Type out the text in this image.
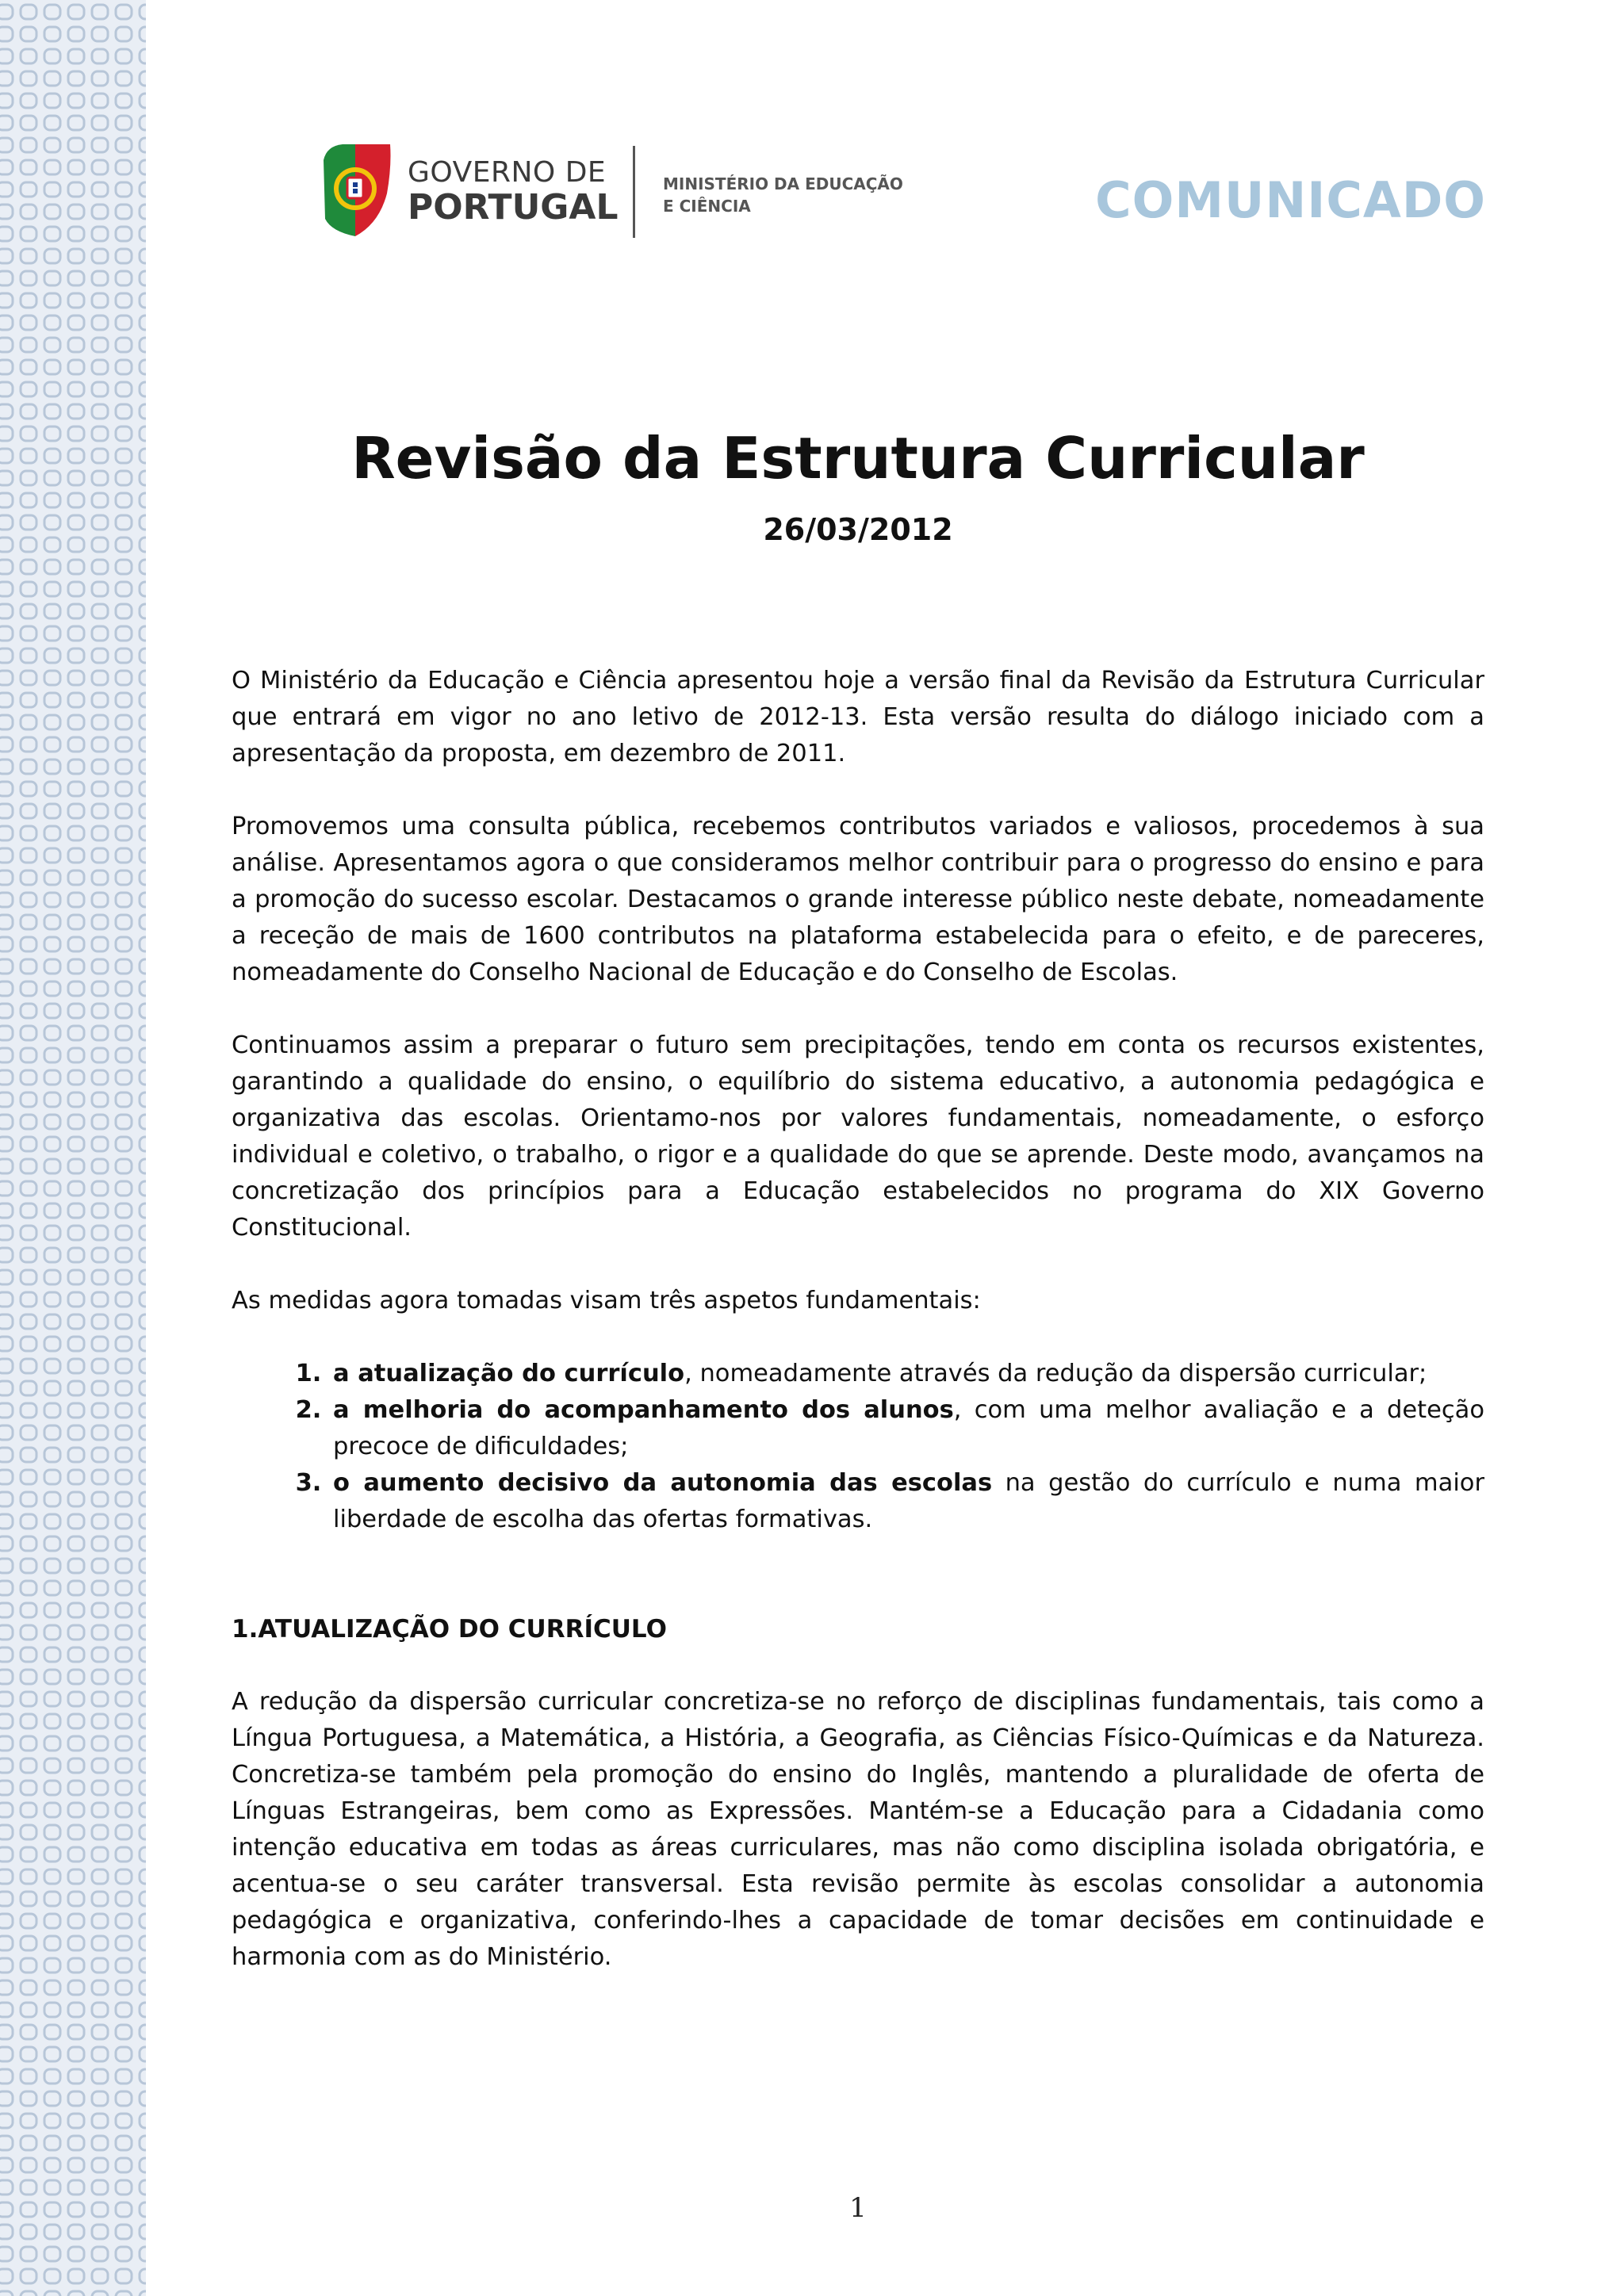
GOVERNO DE
PORTUGAL
MINISTÉRIO DA EDUCAÇÃO
E CIÊNCIA	COMUNICADO
Revisão da Estrutura Curricular
26/03/2012

O Ministério da Educação e Ciência apresentou hoje a versão final da Revisão da Estrutura Curricular que entrará em vigor no ano letivo de 2012-13. Esta versão resulta do diálogo iniciado com a apresentação da proposta, em dezembro de 2011.

Promovemos uma consulta pública, recebemos contributos variados e valiosos, procedemos à sua análise. Apresentamos agora o que consideramos melhor contribuir para o progresso do ensino e para a promoção do sucesso escolar. Destacamos o grande interesse público neste debate, nomeadamente a receção de mais de 1600 contributos na plataforma estabelecida para o efeito, e de pareceres, nomeadamente do Conselho Nacional de Educação e do Conselho de Escolas.

Continuamos assim a preparar o futuro sem precipitações, tendo em conta os recursos existentes, garantindo a qualidade do ensino, o equilíbrio do sistema educativo, a autonomia pedagógica e organizativa das escolas. Orientamo-nos por valores fundamentais, nomeadamente, o esforço individual e coletivo, o trabalho, o rigor e a qualidade do que se aprende. Deste modo, avançamos na concretização dos princípios para a Educação estabelecidos no programa do XIX Governo Constitucional.

As medidas agora tomadas visam três aspetos fundamentais:

1. a atualização do currículo, nomeadamente através da redução da dispersão curricular;
2. a melhoria do acompanhamento dos alunos, com uma melhor avaliação e a deteção precoce de dificuldades;
3. o aumento decisivo da autonomia das escolas na gestão do currículo e numa maior liberdade de escolha das ofertas formativas.
1.ATUALIZAÇÃO DO CURRÍCULO

A redução da dispersão curricular concretiza-se no reforço de disciplinas fundamentais, tais como a Língua Portuguesa, a Matemática, a História, a Geografia, as Ciências Físico-Químicas e da Natureza. Concretiza-se também pela promoção do ensino do Inglês, mantendo a pluralidade de oferta de Línguas Estrangeiras, bem como as Expressões. Mantém-se a Educação para a Cidadania como intenção educativa em todas as áreas curriculares, mas não como disciplina isolada obrigatória, e acentua-se o seu caráter transversal. Esta revisão permite às escolas consolidar a autonomia pedagógica e organizativa, conferindo-lhes a capacidade de tomar decisões em continuidade e harmonia com as do Ministério.

1
